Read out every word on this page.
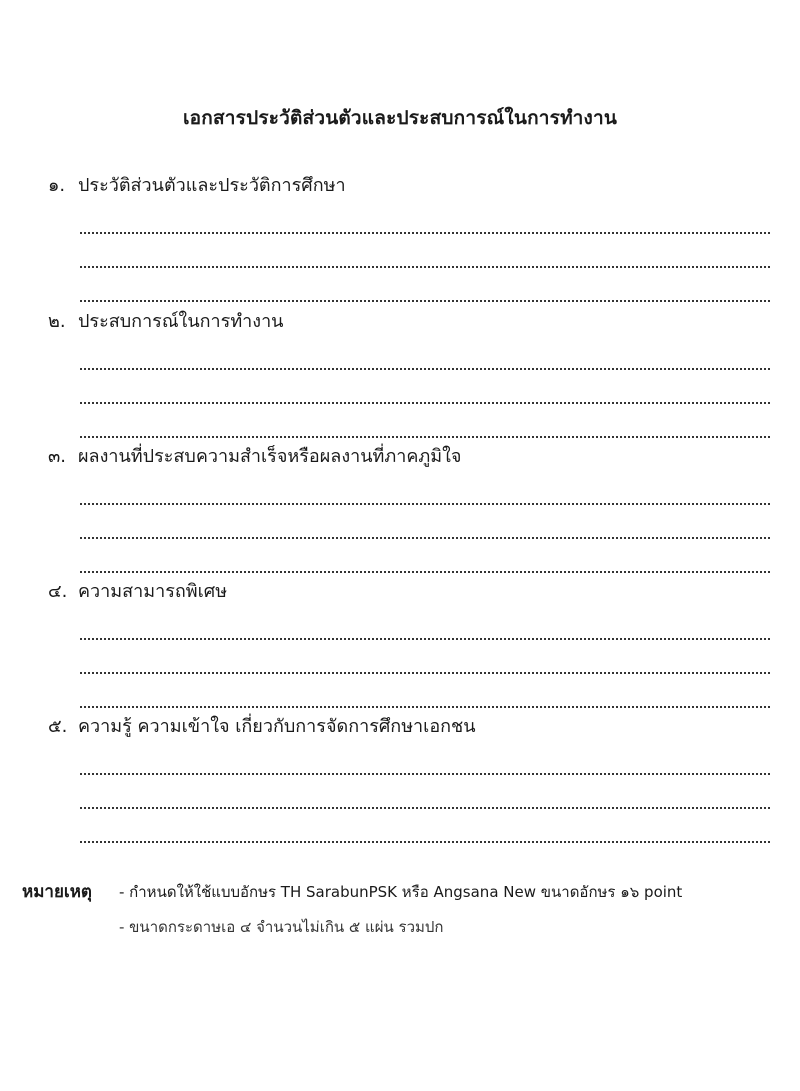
เอกสารประวัติส่วนตัวและประสบการณ์ในการทำงาน
๑. ประวัติส่วนตัวและประวัติการศึกษา
๒. ประสบการณ์ในการทำงาน
๓. ผลงานที่ประสบความสำเร็จหรือผลงานที่ภาคภูมิใจ
๔. ความสามารถพิเศษ
๕. ความรู้ ความเข้าใจ เกี่ยวกับการจัดการศึกษาเอกชน
หมายเหตุ - กำหนดให้ใช้แบบอักษร TH SarabunPSK หรือ Angsana New ขนาดอักษร ๑๖ point
- ขนาดกระดาษเอ ๔ จำนวนไม่เกิน ๕ แผ่น รวมปก
